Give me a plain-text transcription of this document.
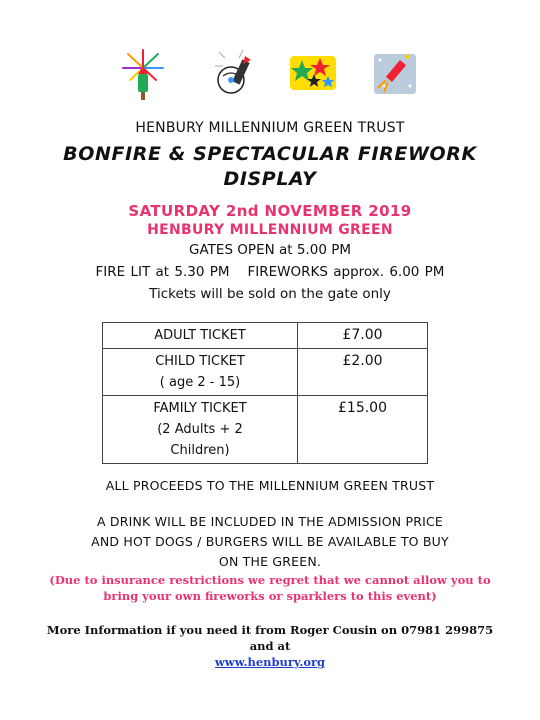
HENBURY MILLENNIUM GREEN TRUST
BONFIRE & SPECTACULAR FIREWORK
DISPLAY
SATURDAY 2nd NOVEMBER 2019
HENBURY MILLENNIUM GREEN
GATES OPEN at 5.00 PM
FIRE LIT at 5.30 PM FIREWORKS approx. 6.00 PM
Tickets will be sold on the gate only
ADULT TICKET	£7.00
CHILD TICKET
( age 2 - 15)	£2.00
FAMILY TICKET
(2 Adults + 2
Children)	£15.00
ALL PROCEEDS TO THE MILLENNIUM GREEN TRUST
A DRINK WILL BE INCLUDED IN THE ADMISSION PRICE
AND HOT DOGS / BURGERS WILL BE AVAILABLE TO BUY
ON THE GREEN.
(Due to insurance restrictions we regret that we cannot allow you to
bring your own fireworks or sparklers to this event)
More Information if you need it from Roger Cousin on 07981 299875
and at
www.henbury.org
